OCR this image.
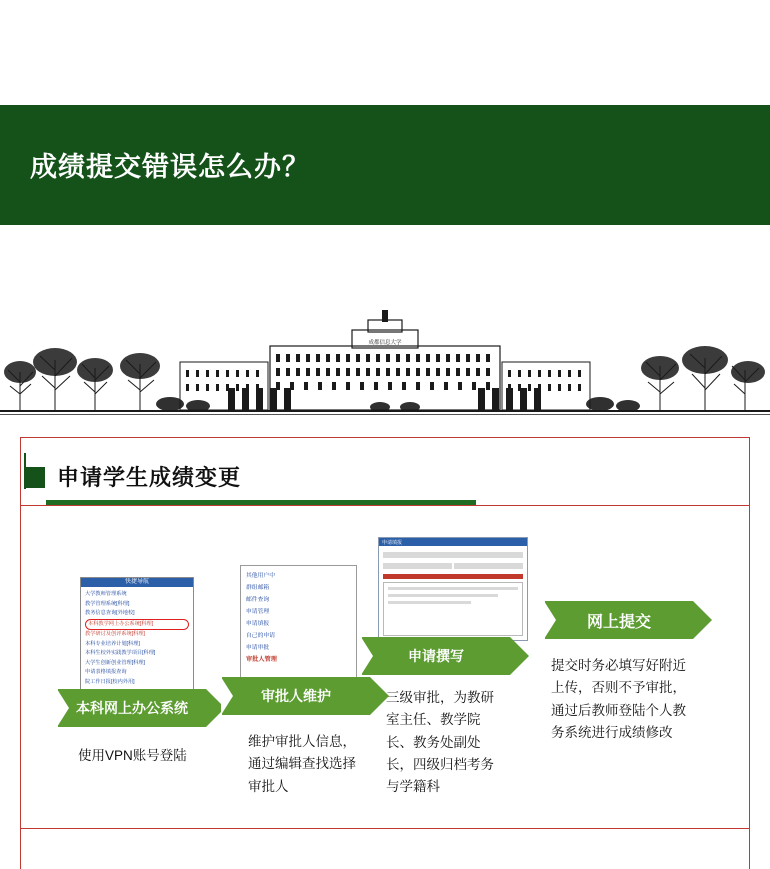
成绩提交错误怎么办？
成都信息大学
申请学生成绩变更
快捷导航
大学教师管理系统
教学管理系统[科理]
教务信息查询[外地校]
本科教学网上办公系统[科理]
教学研讨及创评系统[科理]
本科专业培养计划[科理]
本科生校外实践教学项目[科理]
大学生创新创业管理[科理]
申请表格填报查询
院工作日报[校内外用]
本科网上办公系统
使用VPN账号登陆
其他用户中
群组邮箱
邮件查询
申请管理
申请填报
自己的申请
申请审批
审批人管理
审批人维护
维护审批人信息，通过编辑查找选择审批人
申请填报
申请撰写
三级审批，为教研室主任、教学院长、教务处副处长，四级归档考务与学籍科
网上提交
提交时务必填写好附近上传，否则不予审批，通过后教师登陆个人教务系统进行成绩修改
